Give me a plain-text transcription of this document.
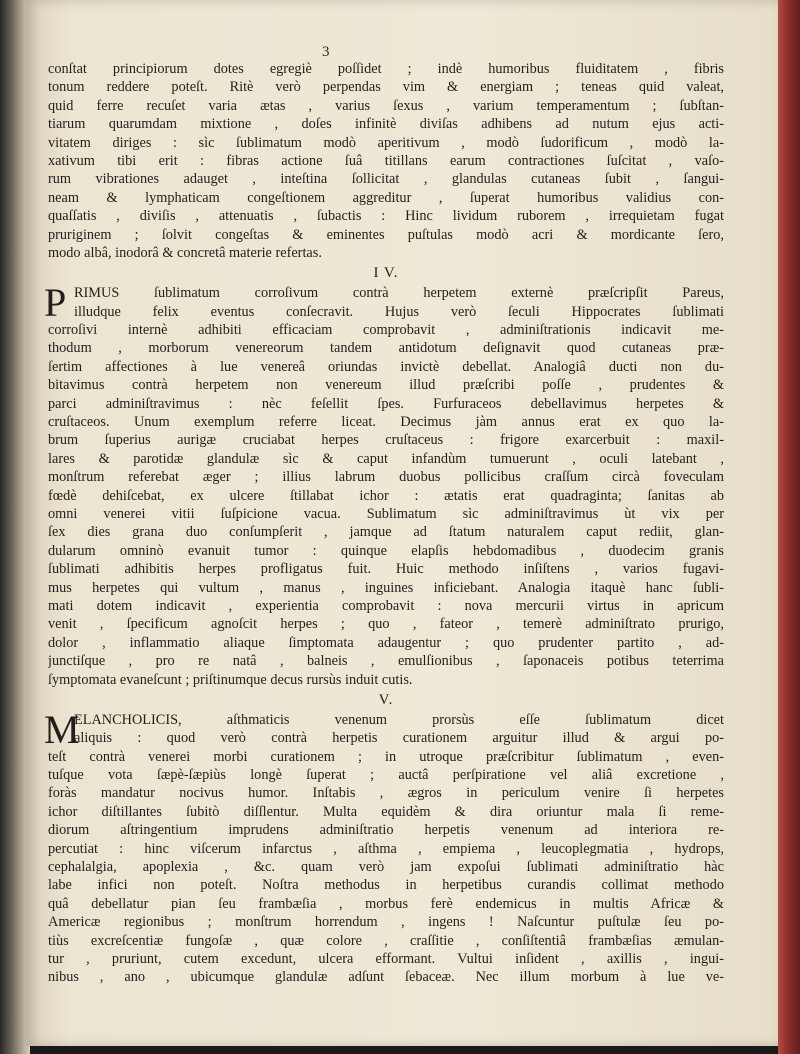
3
conſtat principiorum dotes egregiè poſſidet ; indè humoribus fluiditatem , fibris
tonum reddere poteſt. Ritè verò perpendas vim & energiam ; teneas quid valeat,
quid ferre recuſet varia ætas , varius ſexus , varium temperamentum ; ſubſtan-
tiarum quarumdam mixtione , doſes infinitè diviſas adhibens ad nutum ejus acti-
vitatem diriges : sìc ſublimatum modò aperitivum , modò ſudorificum , modò la-
xativum tibi erit : fibras actione ſuâ titillans earum contractiones ſuſcitat , vaſo-
rum vibrationes adauget , inteſtina ſollicitat , glandulas cutaneas ſubit , ſangui-
neam & lymphaticam congeſtionem aggreditur , ſuperat humoribus validius con-
quaſſatis , diviſis , attenuatis , ſubactis : Hinc lividum ruborem , irrequietam fugat
pruriginem ; ſolvit congeſtas & eminentes puſtulas modò acri & mordicante ſero,
modo albâ, inodorâ & concretâ materie refertas.
I V.
P RIMUS ſublimatum corroſivum contrà herpetem externè præſcripſit Pareus,
illudque felix eventus conſecravit. Hujus verò ſeculi Hippocrates ſublimati
corroſivi internè adhibiti efficaciam comprobavit , adminiſtrationis indicavit me-
thodum , morborum venereorum tandem antidotum deſignavit quod cutaneas præ-
ſertim affectiones à lue venereâ oriundas invictè debellat. Analogiâ ducti non du-
bitavimus contrà herpetem non venereum illud præſcribi poſſe , prudentes &
parci adminiſtravimus : nèc feſellit ſpes. Furfuraceos debellavimus herpetes &
cruſtaceos. Unum exemplum referre liceat. Decimus jàm annus erat ex quo la-
brum ſuperius aurigæ cruciabat herpes cruſtaceus : frigore exarcerbuit : maxil-
lares & parotidæ glandulæ sìc & caput infandùm tumuerunt , oculi latebant ,
monſtrum referebat æger ; illius labrum duobus pollicibus craſſum circà foveculam
fœdè dehiſcebat, ex ulcere ſtillabat ichor : ætatis erat quadraginta; ſanitas ab
omni venerei vitii ſuſpicione vacua. Sublimatum sìc adminiſtravimus ùt vix per
ſex dies grana duo conſumpſerit , jamque ad ſtatum naturalem caput rediit, glan-
dularum omninò evanuit tumor : quinque elapſis hebdomadibus , duodecim granis
ſublimati adhibitis herpes profligatus fuit. Huic methodo inſiſtens , varios fugavi-
mus herpetes qui vultum , manus , inguines inficiebant. Analogia itaquè hanc ſubli-
mati dotem indicavit , experientia comprobavit : nova mercurii virtus in apricum
venit , ſpecificum agnoſcit herpes ; quo , fateor , temerè adminiſtrato prurigo,
dolor , inflammatio aliaque ſimptomata adaugentur ; quo prudenter partito , ad-
junctiſque , pro re natâ , balneis , emulſionibus , ſaponaceis potibus teterrima
ſymptomata evaneſcunt ; priſtinumque decus rursùs induit cutis.
V.
M
ELANCHOLICIS, aſthmaticis venenum prorsùs eſſe ſublimatum dicet
aliquis : quod verò contrà herpetis curationem arguitur illud & argui po-
teſt contrà venerei morbi curationem ; in utroque præſcribitur ſublimatum , even-
tuſque vota ſæpè-ſæpiùs longè ſuperat ; auctâ perſpiratione vel aliâ excretione ,
foràs mandatur nocivus humor. Inſtabis , ægros in periculum venire ſi herpetes
ichor diſtillantes ſubitò diſſlentur. Multa equidèm & dira oriuntur mala ſi reme-
diorum aſtringentium imprudens adminiſtratio herpetis venenum ad interiora re-
percutiat : hinc viſcerum infarctus , aſthma , empiema , leucoplegmatia , hydrops,
cephalalgia, apoplexia , &c. quam verò jam expoſui ſublimati adminiſtratio hàc
labe infici non poteſt. Noſtra methodus in herpetibus curandis collimat methodo
quâ debellatur pian ſeu frambæſia , morbus ferè endemicus in multis Africæ &
Americæ regionibus ; monſtrum horrendum , ingens ! Naſcuntur puſtulæ ſeu po-
tiùs excreſcentiæ fungoſæ , quæ colore , craſſitie , conſiſtentiâ frambæſias æmulan-
tur , pruriunt, cutem excedunt, ulcera efformant. Vultui inſident , axillis , ingui-
nibus , ano , ubicumque glandulæ adſunt ſebaceæ. Nec illum morbum à lue ve-
